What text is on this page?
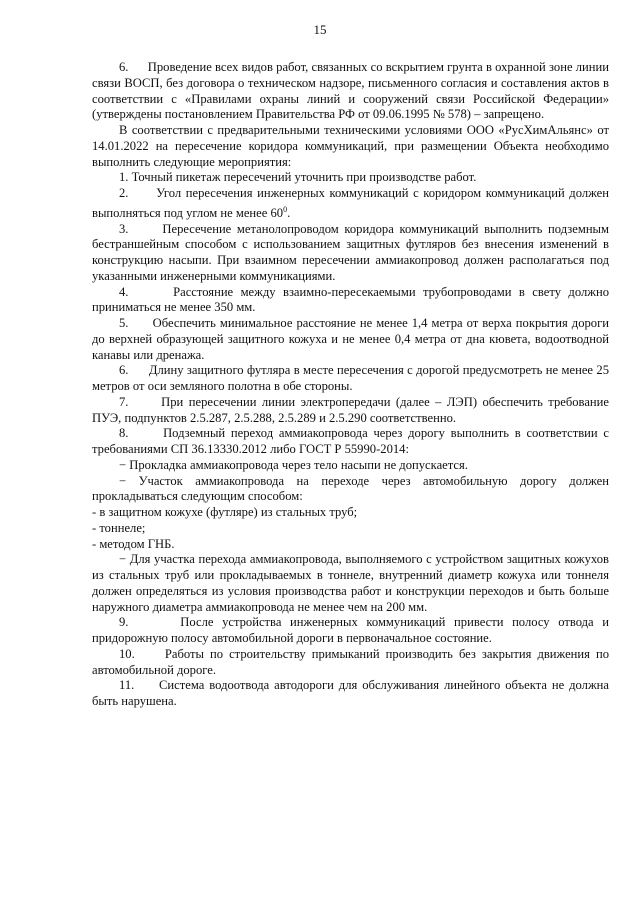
15

6.      Проведение всех видов работ, связанных со вскрытием грунта в охранной зоне линии связи ВОСП, без договора о техническом надзоре, письменного согласия и составления актов в соответствии с «Правилами охраны линий и сооружений связи Российской Федерации» (утверждены постановлением Правительства РФ от 09.06.1995 № 578) – запрещено.

В соответствии с предварительными техническими условиями ООО «РусХимАльянс» от 14.01.2022 на пересечение коридора коммуникаций, при размещении Объекта необходимо выполнить следующие мероприятия:

1. Точный пикетаж пересечений уточнить при производстве работ.

2.      Угол пересечения инженерных коммуникаций с коридором коммуникаций должен выполняться под углом не менее $60^0$.

3.      Пересечение метанолопроводом коридора коммуникаций выполнить подземным бестраншейным способом с использованием защитных футляров без внесения изменений в конструкцию насыпи. При взаимном пересечении аммиакопровод должен располагаться под указанными инженерными коммуникациями.

4.      Расстояние между взаимно-пересекаемыми трубопроводами в свету должно приниматься не менее 350 мм.

5.      Обеспечить минимальное расстояние не менее 1,4 метра от верха покрытия дороги до верхней образующей защитного кожуха и не менее 0,4 метра от дна кювета, водоотводной канавы или дренажа.

6.      Длину защитного футляра в месте пересечения с дорогой предусмотреть не менее 25 метров от оси земляного полотна в обе стороны.

7.      При пересечении линии электропередачи (далее – ЛЭП) обеспечить требование ПУЭ, подпунктов 2.5.287, 2.5.288, 2.5.289 и 2.5.290 соответственно.

8.      Подземный переход аммиакопровода через дорогу выполнить в соответствии с требованиями СП 36.13330.2012 либо ГОСТ Р 55990-2014:

− Прокладка аммиакопровода через тело насыпи не допускается.

− Участок аммиакопровода на переходе через автомобильную дорогу должен прокладываться следующим способом:

- в защитном кожухе (футляре) из стальных труб;

- тоннеле;

- методом ГНБ.

− Для участка перехода аммиакопровода, выполняемого с устройством защитных кожухов из стальных труб или прокладываемых в тоннеле, внутренний диаметр кожуха или тоннеля должен определяться из условия производства работ и конструкции переходов и быть больше наружного диаметра аммиакопровода не менее чем на 200 мм.

9.      После устройства инженерных коммуникаций привести полосу отвода и придорожную полосу автомобильной дороги в первоначальное состояние.

10.     Работы по строительству примыканий производить без закрытия движения по автомобильной дороге.

11.     Система водоотвода автодороги для обслуживания линейного объекта не должна быть нарушена.
